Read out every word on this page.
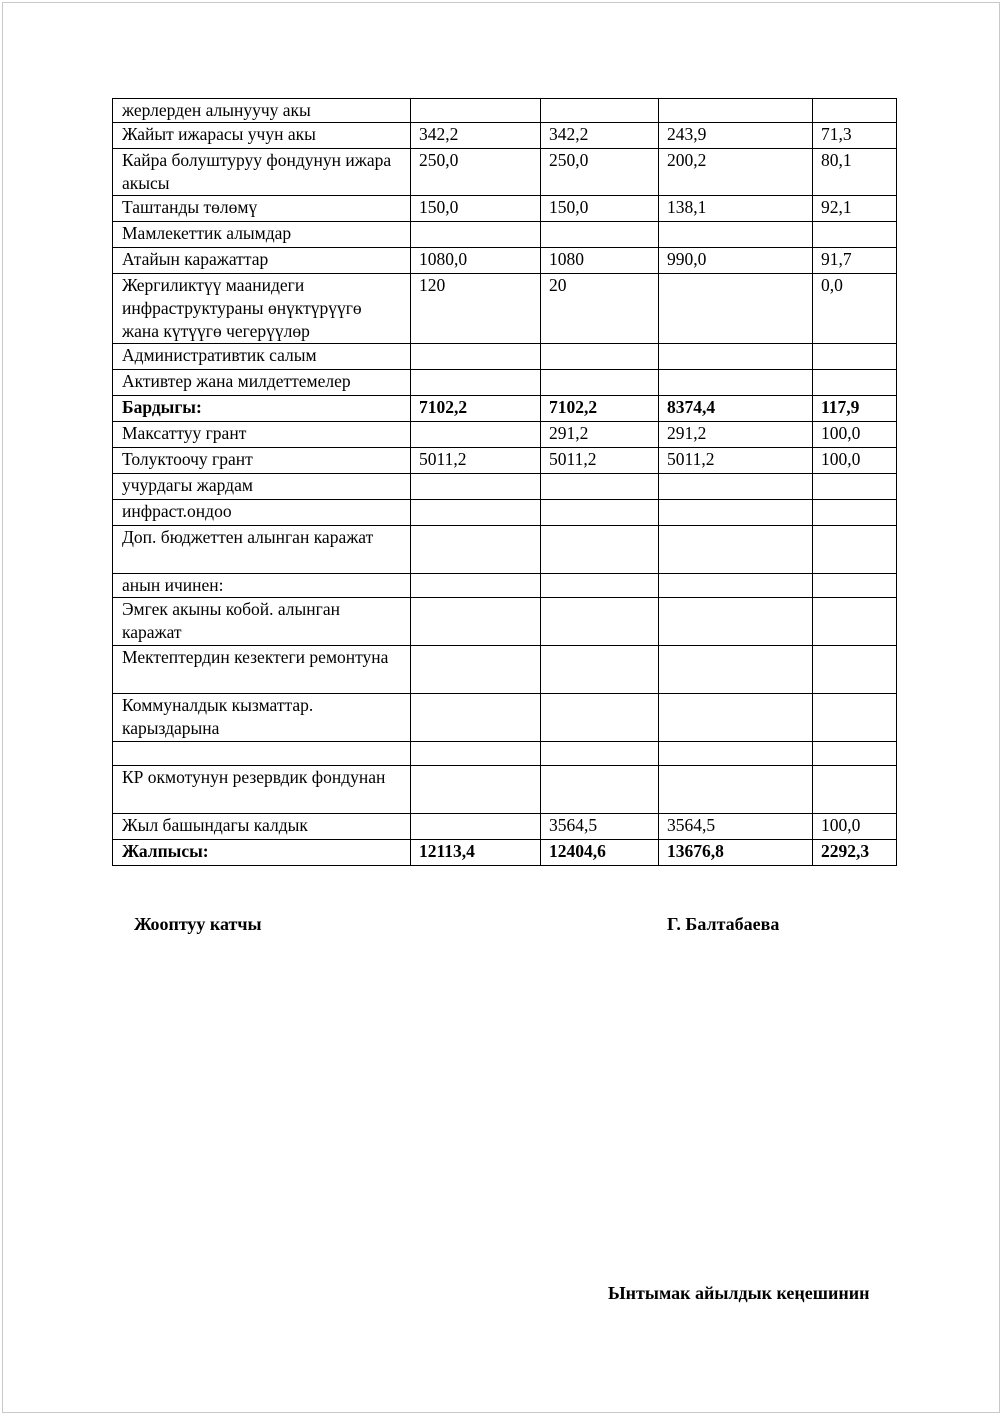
жерлерден алынуучу акы				
Жайыт ижарасы учун акы	342,2	342,2	243,9	71,3
Кайра болуштуруу фондунун ижара акысы	250,0	250,0	200,2	80,1
Таштанды төлөмү	150,0	150,0	138,1	92,1
Мамлекеттик алымдар				
Атайын каражаттар	1080,0	1080	990,0	91,7
Жергиликтүү маанидеги инфраструктураны өнүктүрүүгө жана күтүүгө чегерүүлөр	120	20		0,0
Административтик салым				
Активтер жана милдеттемелер				
Бардыгы:	7102,2	7102,2	8374,4	117,9
Максаттуу грант		291,2	291,2	100,0
Толуктоочу грант	5011,2	5011,2	5011,2	100,0
учурдагы жардам				
инфраст.ондоо				
Доп. бюджеттен алынган каражат				
анын ичинен:				
Эмгек акыны кобой. алынган каражат				
Мектептердин кезектеги ремонтуна				
Коммуналдык кызматтар. карыздарына				

КР окмотунун резервдик фондунан				
Жыл башындагы калдык		3564,5	3564,5	100,0
Жалпысы:	12113,4	12404,6	13676,8	2292,3
Жооптуу катчы	Г. Балтабаева
Ынтымак айылдык кеңешинин
